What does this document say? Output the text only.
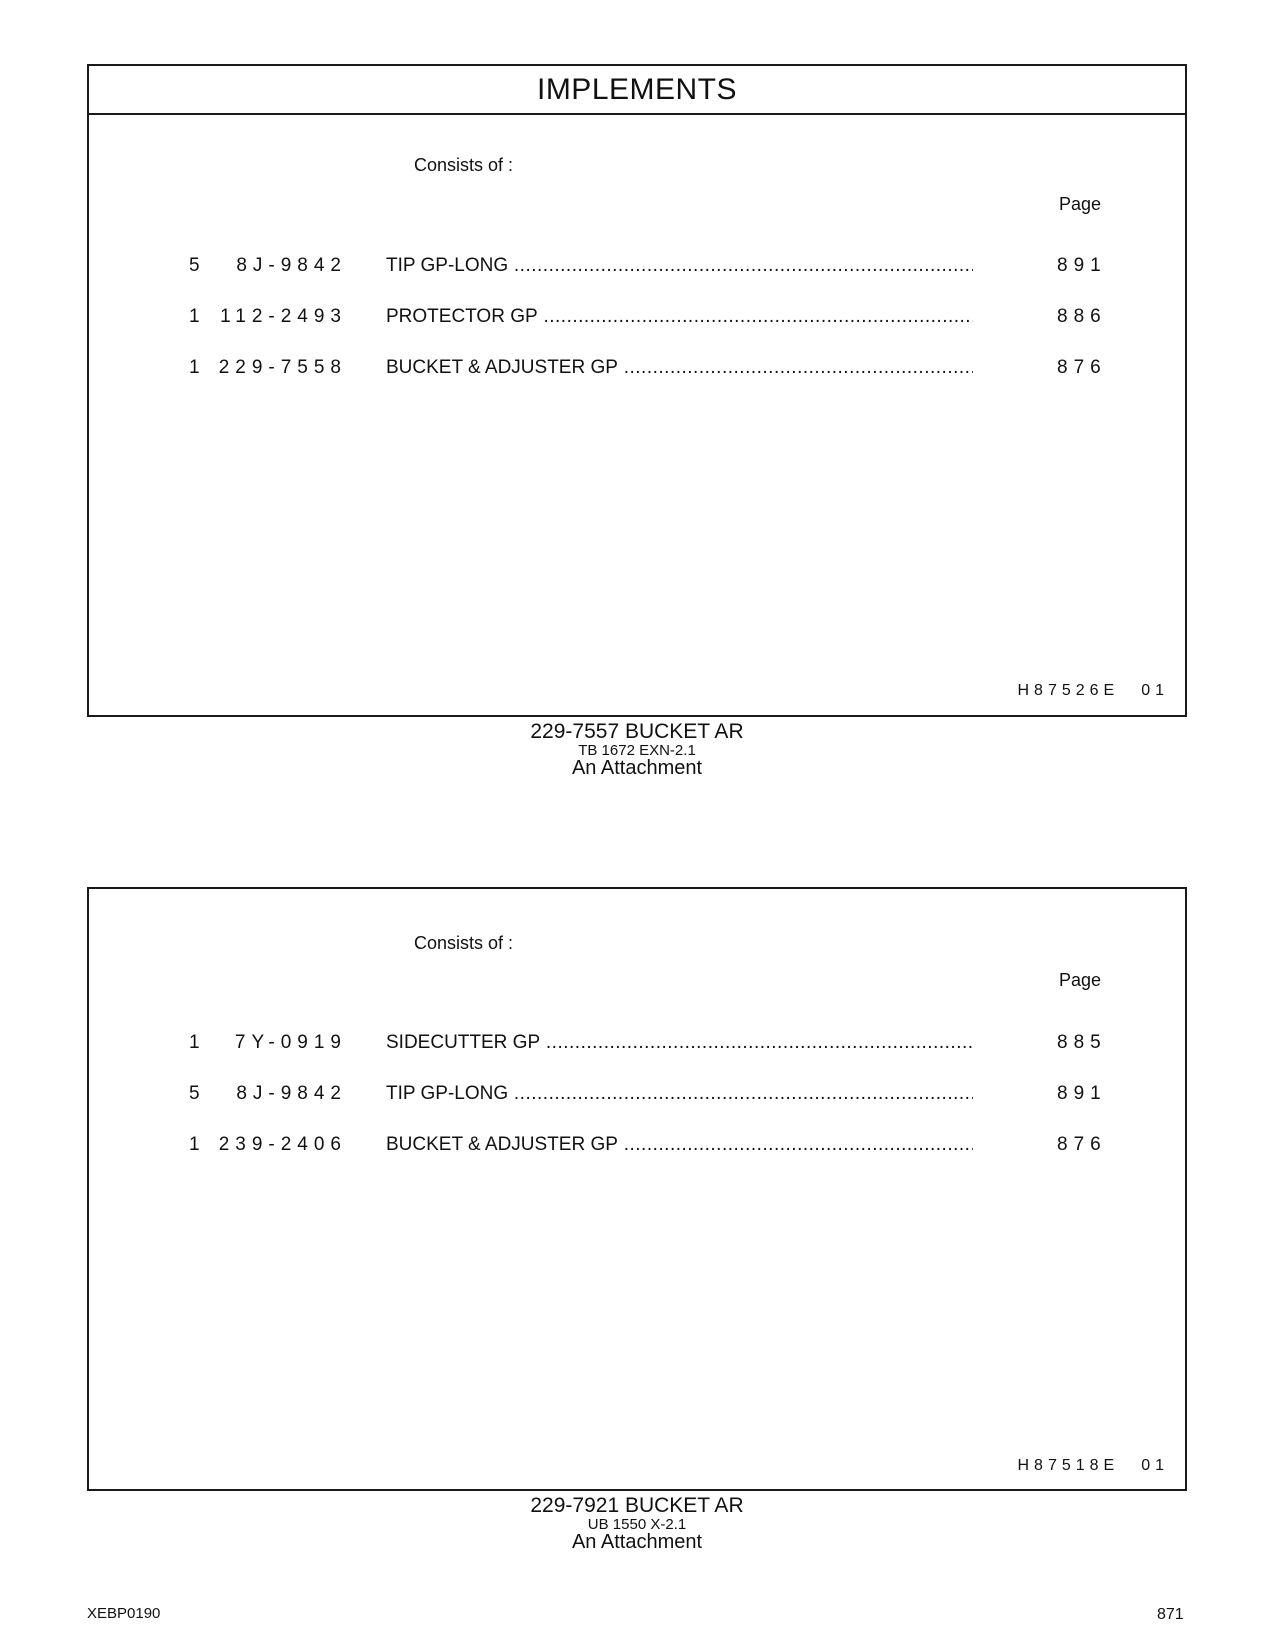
IMPLEMENTS
Consists of :
Page
5	8J-9842 TIP GP-LONG .....	891
1 112-2493 PROTECTOR GP .....	886
1 229-7558 BUCKET & ADJUSTER GP .....	876
H87526E 01
229-7557 BUCKET AR
TB 1672 EXN-2.1
An Attachment
Consists of :
Page
1	7Y-0919 SIDECUTTER GP .....	885
5	8J-9842 TIP GP-LONG .....	891
1 239-2406 BUCKET & ADJUSTER GP .....	876
H87518E 01
229-7921 BUCKET AR
UB 1550 X-2.1
An Attachment
XEBP0190	871
